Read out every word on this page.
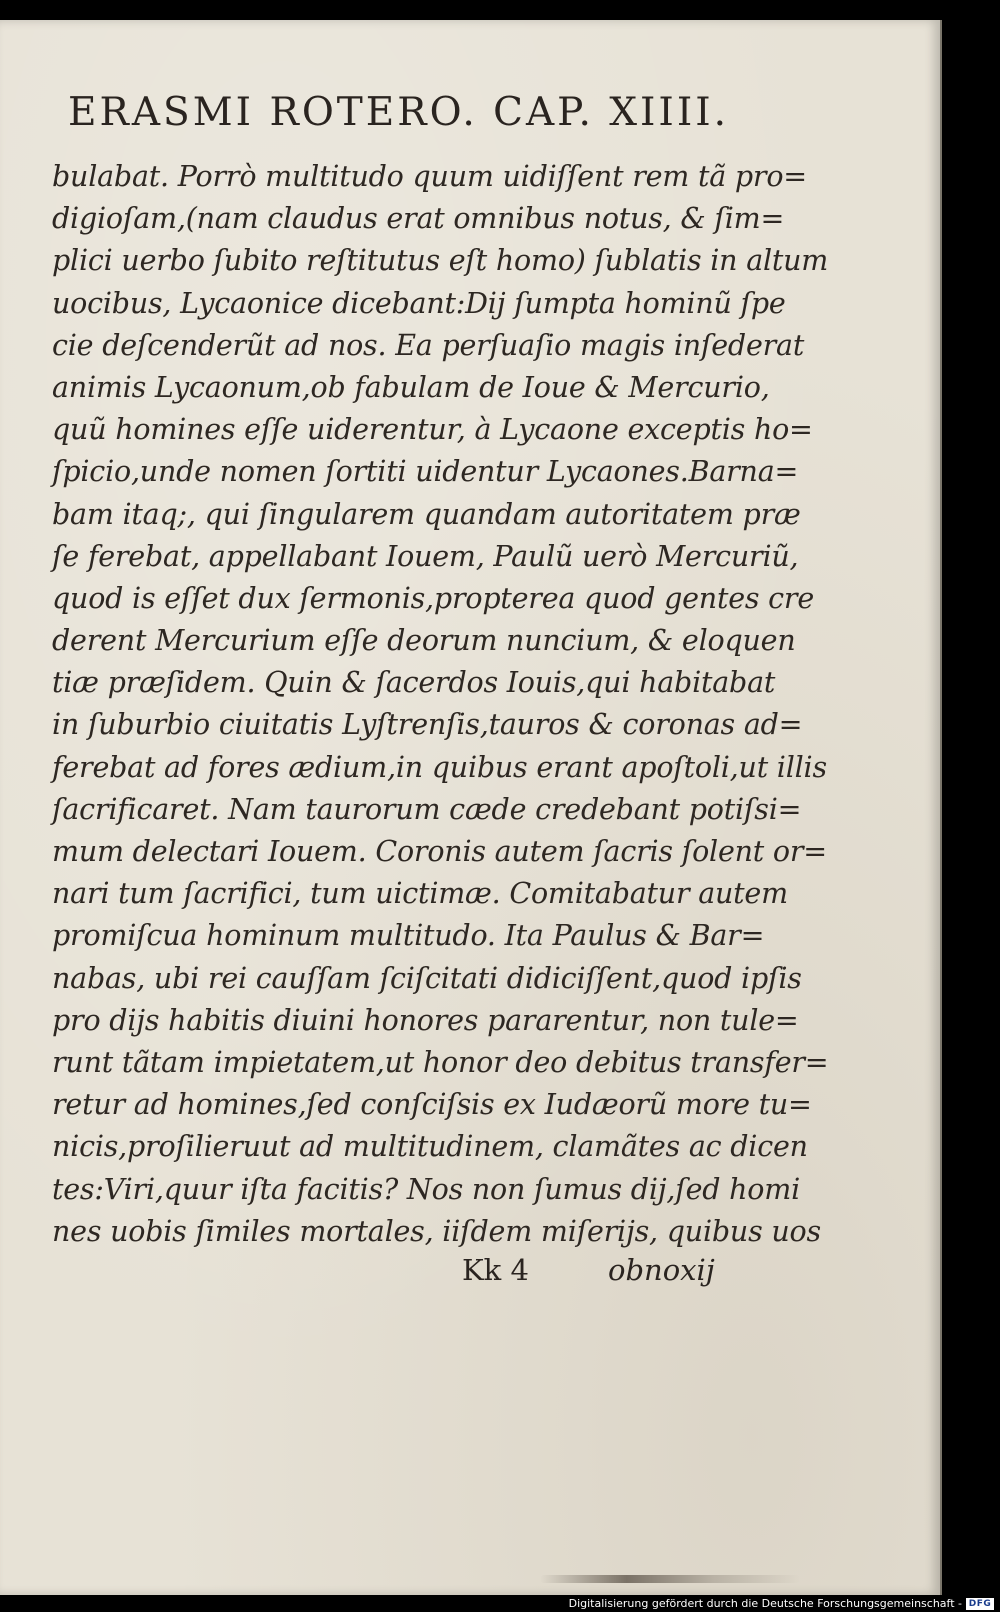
ERASMI ROTERO. CAP. XIIII.
bulabat. Porrò multitudo quum uidiſſent rem tã pro=
digioſam,(nam claudus erat omnibus notus, & ſim=
plici uerbo ſubito reſtitutus eſt homo) ſublatis in altum
uocibus, Lycaonice dicebant:Dij ſumpta hominũ ſpe
cie deſcenderũt ad nos. Ea perſuaſio magis inſederat
animis Lycaonum,ob fabulam de Ioue & Mercurio,
quũ homines eſſe uiderentur, à Lycaone exceptis ho=
ſpicio,unde nomen ſortiti uidentur Lycaones.Barna=
bam itaq;, qui ſingularem quandam autoritatem præ
ſe ferebat, appellabant Iouem, Paulũ uerò Mercuriũ,
quod is eſſet dux ſermonis,propterea quod gentes cre
derent Mercurium eſſe deorum nuncium, & eloquen
tiæ præſidem. Quin & ſacerdos Iouis,qui habitabat
in ſuburbio ciuitatis Lyſtrenſis,tauros & coronas ad=
ferebat ad fores ædium,in quibus erant apoſtoli,ut illis
ſacrificaret. Nam taurorum cæde credebant potiſsi=
mum delectari Iouem. Coronis autem ſacris ſolent or=
nari tum ſacrifici, tum uictimæ. Comitabatur autem
promiſcua hominum multitudo. Ita Paulus & Bar=
nabas, ubi rei cauſſam ſciſcitati didiciſſent,quod ipſis
pro dijs habitis diuini honores pararentur, non tule=
runt tãtam impietatem,ut honor deo debitus transfer=
retur ad homines,ſed conſciſsis ex Iudæorũ more tu=
nicis,proſilieruut ad multitudinem, clamãtes ac dicen
tes:Viri,quur iſta facitis? Nos non ſumus dij,ſed homi
nes uobis ſimiles mortales, iiſdem miſerijs, quibus uos
Kk 4	obnoxij
Digitalisierung gefördert durch die Deutsche Forschungsgemeinschaft - DFG
